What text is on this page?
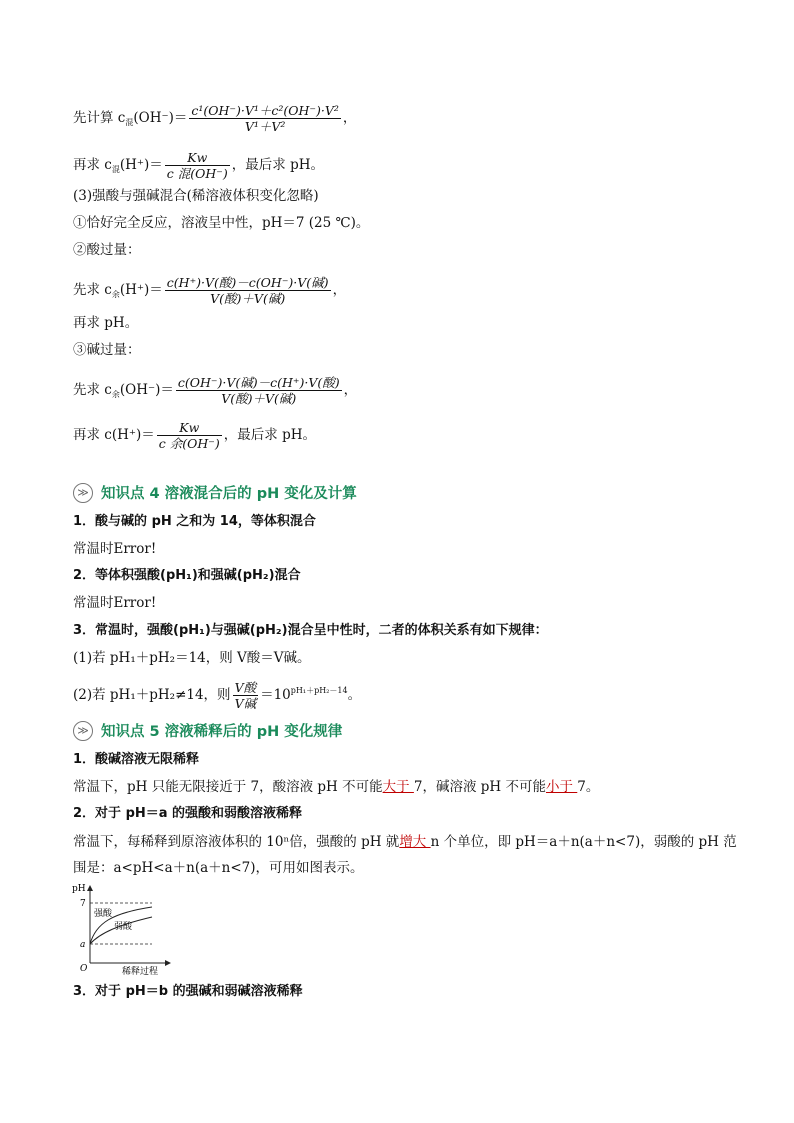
先计算 $c_混(OH^-)= \frac{\text{c¹(OH⁻)·V¹＋c²(OH⁻)·V²}}{\text{V¹＋V²}}$ ，
再求 $c_混(H^+)= \frac{Kw}{\text{c 混(OH⁻)}}$ ，最后求 pH。
(3)强酸与强碱混合(稀溶液体积变化忽略)
①恰好完全反应，溶液呈中性，pH＝7 (25 ℃)。
②酸过量：
先求 $c_余(H^+)= \frac{\text{c(H⁺)·V(酸)－c(OH⁻)·V(碱)}}{\text{V(酸)＋V(碱)}}$ ，
再求 pH。
③碱过量：
先求 $c_余(OH^-)= \frac{\text{c(OH⁻)·V(碱)－c(H⁺)·V(酸)}}{\text{V(酸)＋V(碱)}}$ ，
再求 $c(H^+)= \frac{Kw}{\text{c 余(OH⁻)}}$ ，最后求 pH。
≫ 知识点 4 溶液混合后的 pH 变化及计算
1．酸与碱的 pH 之和为 14，等体积混合
常温时Error!
2．等体积强酸(pH₁)和强碱(pH₂)混合
常温时Error!
3．常温时，强酸(pH₁)与强碱(pH₂)混合呈中性时，二者的体积关系有如下规律：
(1)若 pH₁＋pH₂＝14，则 V酸＝V碱。
(2)若 pH₁＋pH₂≠14，则 $\frac{\text{V酸}}{\text{V碱}} =10^{pH_1+pH_2-14}$。
≫ 知识点 5 溶液稀释后的 pH 变化规律
1．酸碱溶液无限稀释
常温下，pH 只能无限接近于 7，酸溶液 pH 不可能大于 7，碱溶液 pH 不可能小于 7。
2．对于 pH＝a 的强酸和弱酸溶液稀释
常温下，每稀释到原溶液体积的 10ⁿ倍，强酸的 pH 就增大 n 个单位，即 pH＝a＋n(a＋n<7)，弱酸的 pH 范
围是：a<pH<a＋n(a＋n<7)，可用如图表示。
pH
7
a
O
强酸
弱酸
稀释过程
3．对于 pH＝b 的强碱和弱碱溶液稀释
